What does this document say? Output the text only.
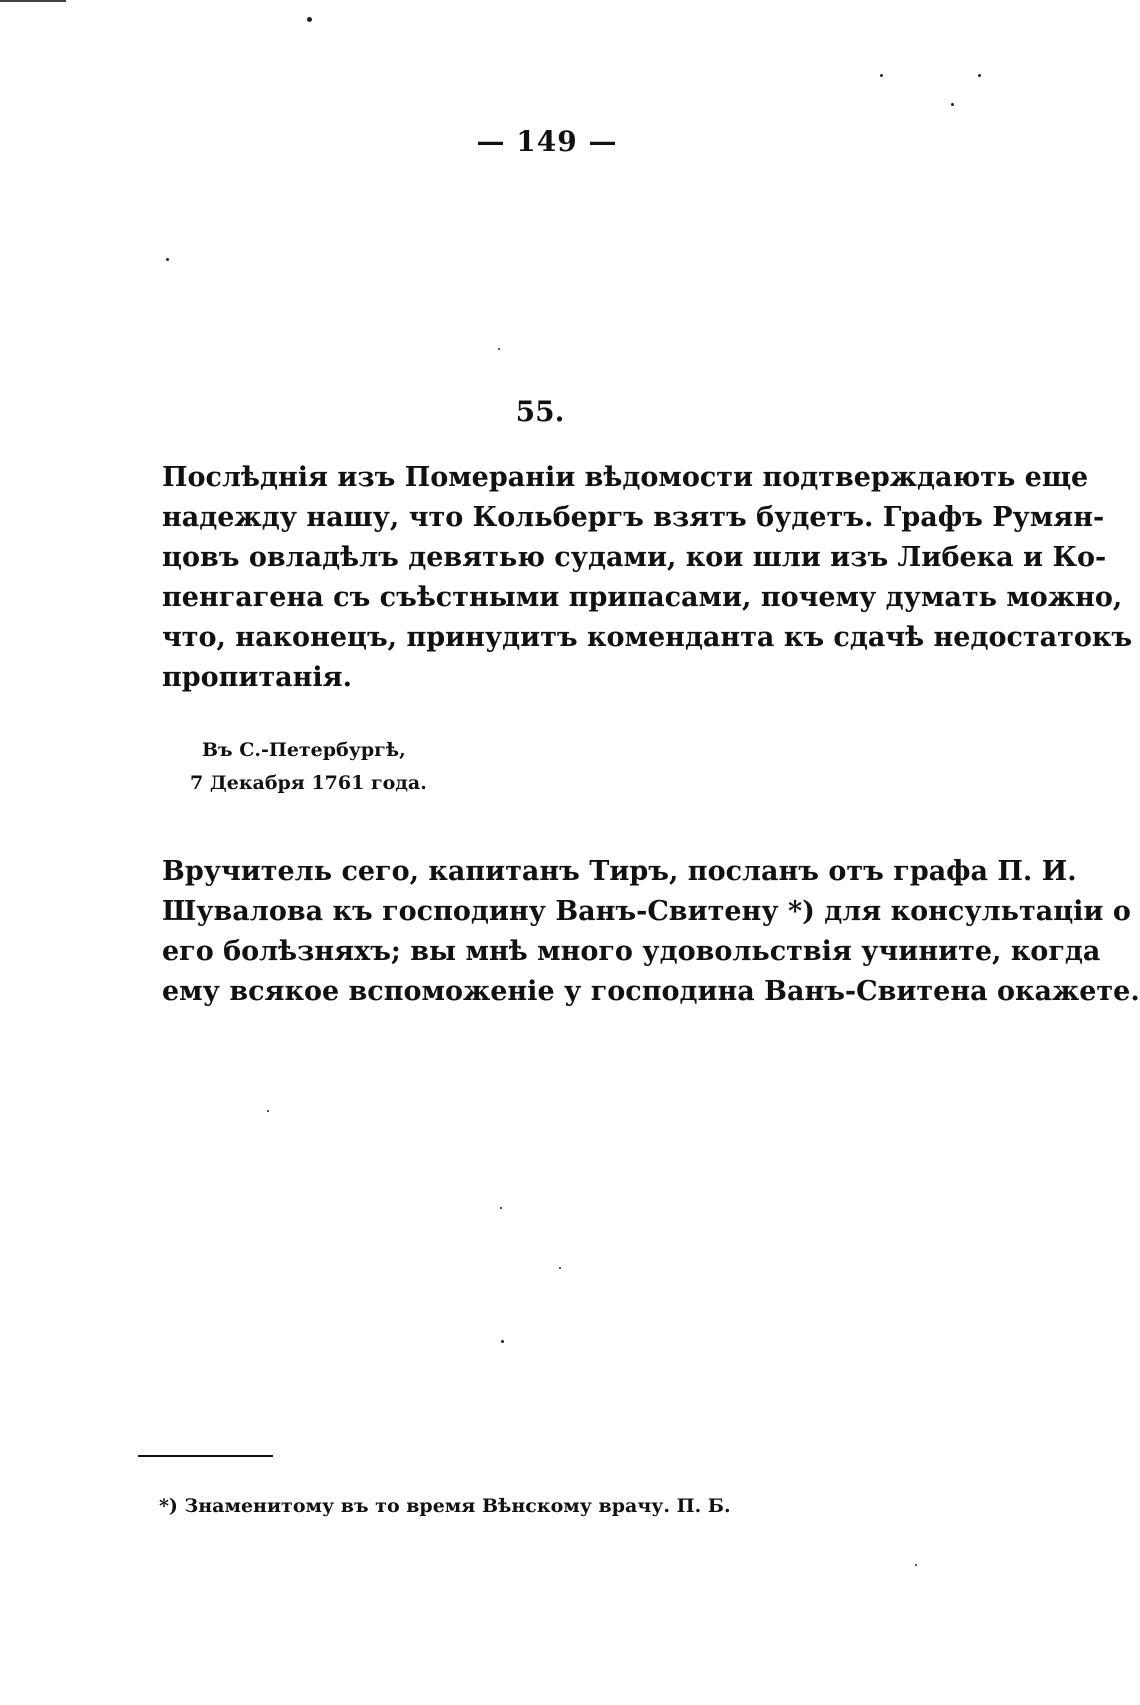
— 149 —
55.

Послѣднія изъ Помераніи вѣдомости подтверждають еще
надежду нашу, что Кольбергъ взятъ будетъ. Графъ Румян-
цовъ овладѣлъ девятью судами, кои шли изъ Либека и Ко-
пенгагена съ съѣстными припасами, почему думать можно,
что, наконецъ, принудитъ коменданта къ сдачѣ недостатокъ
пропитанія.

Въ С.-Петербургѣ,
7 Декабря 1761 года.

Вручитель сего, капитанъ Тиръ, посланъ отъ графа П. И.
Шувалова къ господину Ванъ-Свитену *) для консультаціи о
его болѣзняхъ; вы мнѣ много удовольствія учините, когда
ему всякое вспоможеніе у господина Ванъ-Свитена окажете.

*) Знаменитому въ то время Вѣнскому врачу. П. Б.
